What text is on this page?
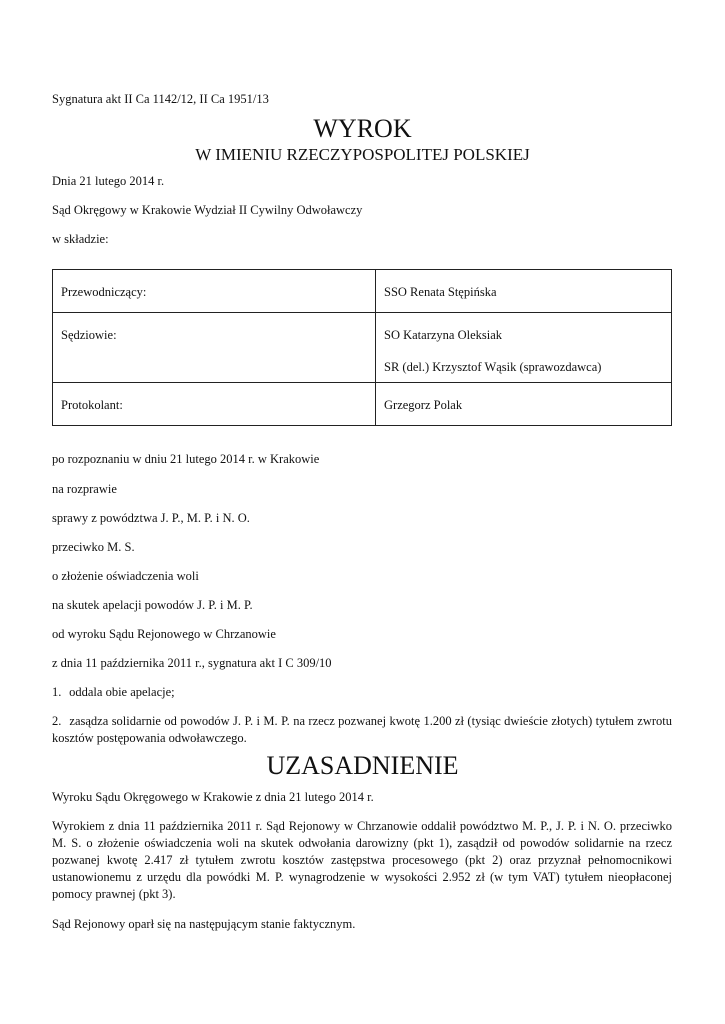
Sygnatura akt II Ca 1142/12, II Ca 1951/13
WYROK
W IMIENIU RZECZYPOSPOLITEJ POLSKIEJ
Dnia 21 lutego 2014 r.
Sąd Okręgowy w Krakowie Wydział II Cywilny Odwoławczy
w składzie:
Przewodniczący:	SSO Renata Stępińska
Sędziowie:	SO Katarzyna Oleksiak
SR (del.) Krzysztof Wąsik (sprawozdawca)

Protokolant:	Grzegorz Polak
po rozpoznaniu w dniu 21 lutego 2014 r. w Krakowie
na rozprawie
sprawy z powództwa J. P., M. P. i N. O.
przeciwko M. S.
o złożenie oświadczenia woli
na skutek apelacji powodów J. P. i M. P.
od wyroku Sądu Rejonowego w Chrzanowie
z dnia 11 października 2011 r., sygnatura akt I C 309/10
1. oddala obie apelacje;
2. zasądza solidarnie od powodów J. P. i M. P. na rzecz pozwanej kwotę 1.200 zł (tysiąc dwieście złotych) tytułem zwrotu kosztów postępowania odwoławczego.
UZASADNIENIE
Wyroku Sądu Okręgowego w Krakowie z dnia 21 lutego 2014 r.
Wyrokiem z dnia 11 października 2011 r. Sąd Rejonowy w Chrzanowie oddalił powództwo M. P., J. P. i N. O. przeciwko M. S. o złożenie oświadczenia woli na skutek odwołania darowizny (pkt 1), zasądził od powodów solidarnie na rzecz pozwanej kwotę 2.417 zł tytułem zwrotu kosztów zastępstwa procesowego (pkt 2) oraz przyznał pełnomocnikowi ustanowionemu z urzędu dla powódki M. P. wynagrodzenie w wysokości 2.952 zł (w tym VAT) tytułem nieopłaconej pomocy prawnej (pkt 3).
Sąd Rejonowy oparł się na następującym stanie faktycznym.
